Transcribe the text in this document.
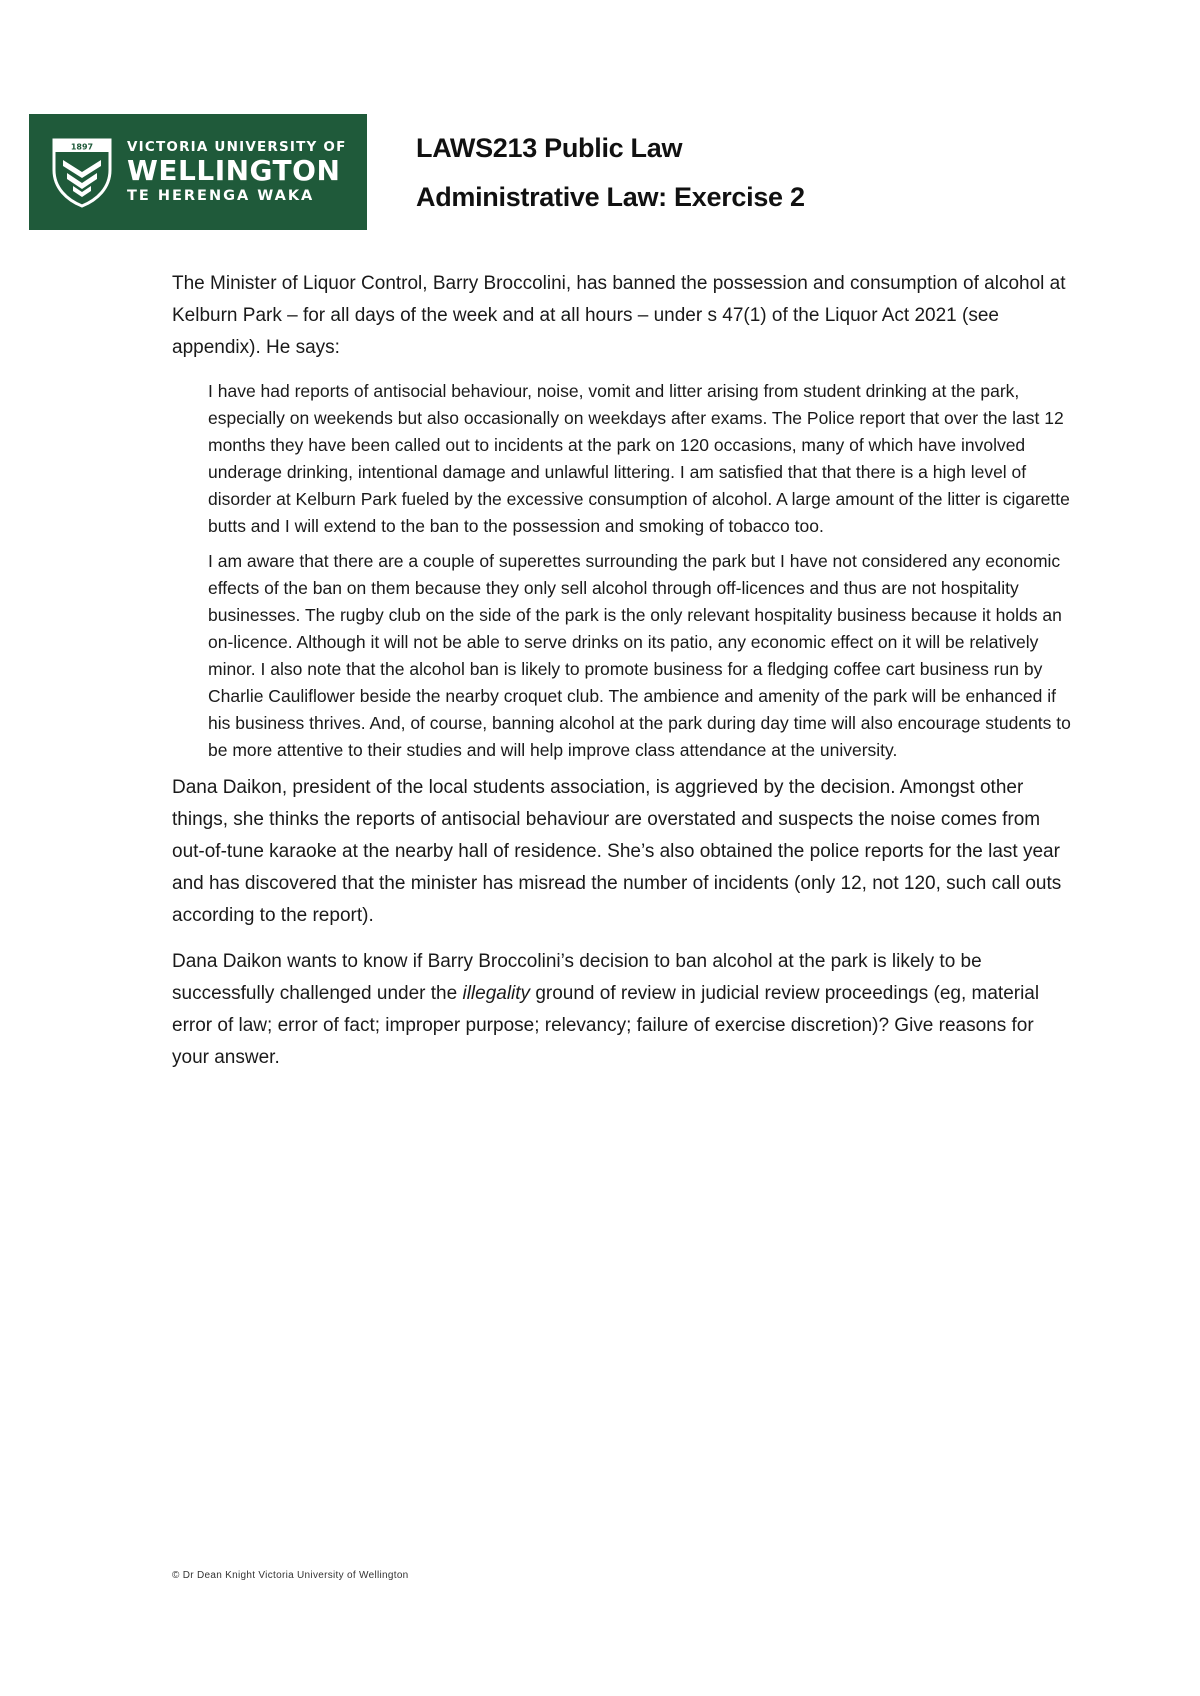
1897	VICTORIA UNIVERSITY OF
WELLINGTON
TE HERENGA WAKA
LAWS213 Public Law
Administrative Law: Exercise 2

The Minister of Liquor Control, Barry Broccolini, has banned the possession and consumption of alcohol at Kelburn Park – for all days of the week and at all hours – under s 47(1) of the Liquor Act 2021 (see appendix). He says:

I have had reports of antisocial behaviour, noise, vomit and litter arising from student drinking at the park, especially on weekends but also occasionally on weekdays after exams. The Police report that over the last 12 months they have been called out to incidents at the park on 120 occasions, many of which have involved underage drinking, intentional damage and unlawful littering. I am satisfied that that there is a high level of disorder at Kelburn Park fueled by the excessive consumption of alcohol. A large amount of the litter is cigarette butts and I will extend to the ban to the possession and smoking of tobacco too.

I am aware that there are a couple of superettes surrounding the park but I have not considered any economic effects of the ban on them because they only sell alcohol through off-licences and thus are not hospitality businesses. The rugby club on the side of the park is the only relevant hospitality business because it holds an on-licence. Although it will not be able to serve drinks on its patio, any economic effect on it will be relatively minor. I also note that the alcohol ban is likely to promote business for a fledging coffee cart business run by Charlie Cauliflower beside the nearby croquet club. The ambience and amenity of the park will be enhanced if his business thrives. And, of course, banning alcohol at the park during day time will also encourage students to be more attentive to their studies and will help improve class attendance at the university.

Dana Daikon, president of the local students association, is aggrieved by the decision. Amongst other things, she thinks the reports of antisocial behaviour are overstated and suspects the noise comes from out-of-tune karaoke at the nearby hall of residence. She’s also obtained the police reports for the last year and has discovered that the minister has misread the number of incidents (only 12, not 120, such call outs according to the report).

Dana Daikon wants to know if Barry Broccolini’s decision to ban alcohol at the park is likely to be successfully challenged under the illegality ground of review in judicial review proceedings (eg, material error of law; error of fact; improper purpose; relevancy; failure of exercise discretion)? Give reasons for your answer.

© Dr Dean Knight Victoria University of Wellington
